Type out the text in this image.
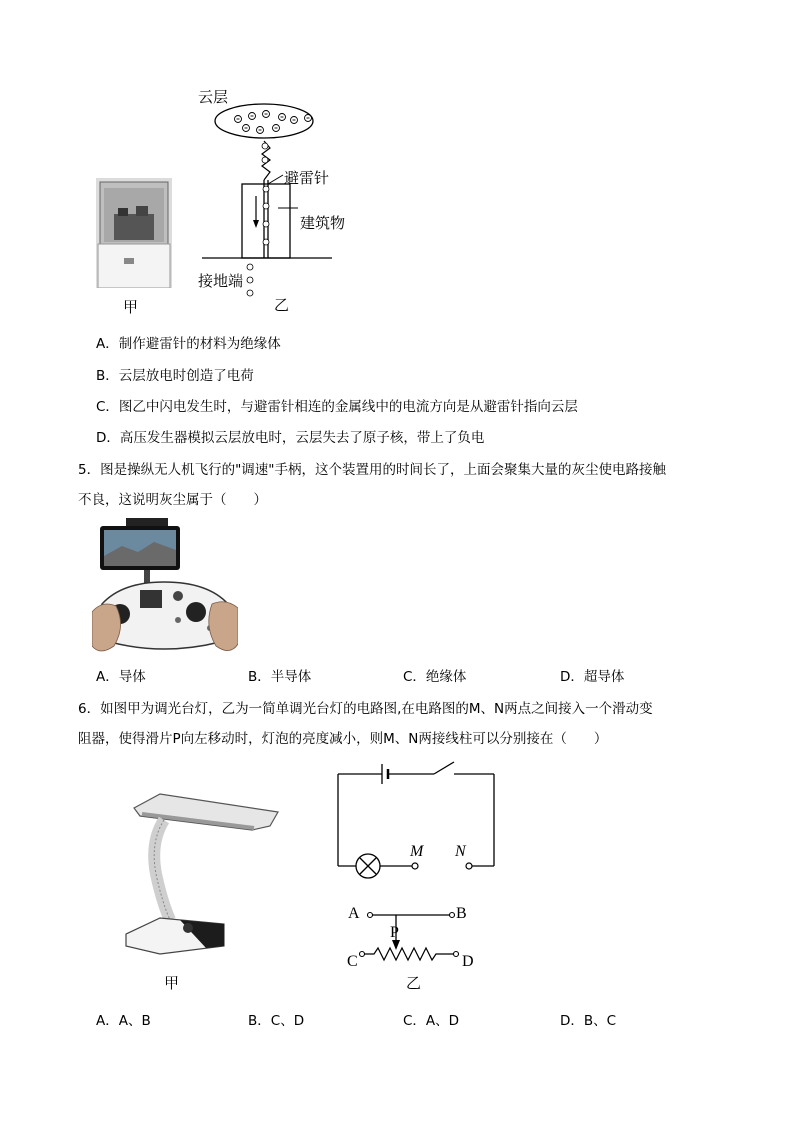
甲
云层
避雷针
建筑物
接地端
乙
A．制作避雷针的材料为绝缘体
B．云层放电时创造了电荷
C．图乙中闪电发生时，与避雷针相连的金属线中的电流方向是从避雷针指向云层
D．高压发生器模拟云层放电时，云层失去了原子核，带上了负电
5．图是操纵无人机飞行的"调速"手柄，这个装置用的时间长了，上面会聚集大量的灰尘使电路接触
不良，这说明灰尘属于（　　）
A．导体	B．半导体	C．绝缘体	D．超导体
6．如图甲为调光台灯，乙为一简单调光台灯的电路图,在电路图的M、N两点之间接入一个滑动变
阻器，使得滑片P向左移动时，灯泡的亮度减小，则M、N两接线柱可以分别接在（　　）
甲
M N
A	B
P
C	D
乙
A．A、B	B．C、D	C．A、D	D．B、C
